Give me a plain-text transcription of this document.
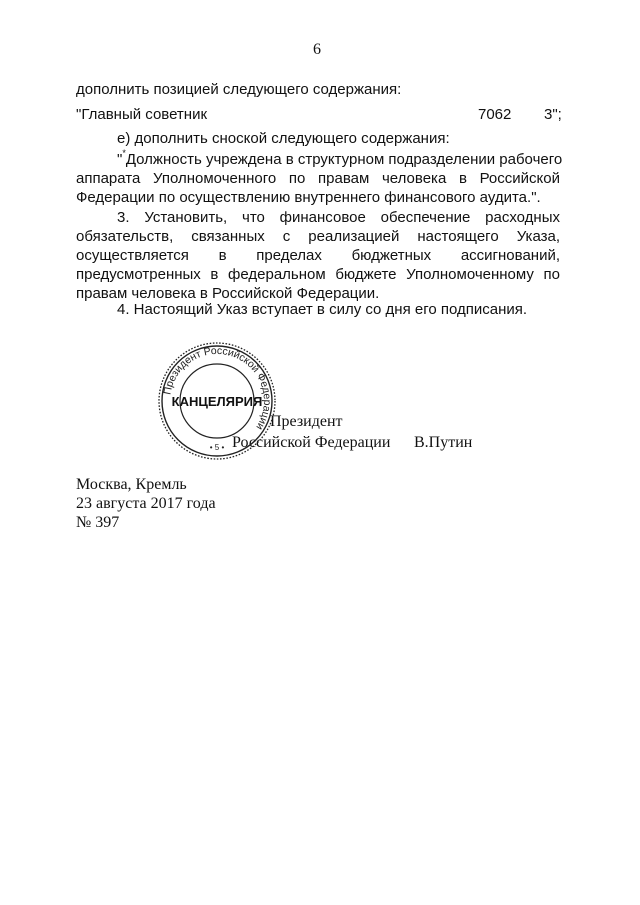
6
дополнить позицией следующего содержания:
"Главный советник	7062 3";
е) дополнить сноской следующего содержания:
"*Должность учреждена в структурном подразделении рабочего
аппарата Уполномоченного по правам человека в Российской
Федерации по осуществлению внутреннего финансового аудита.".
3. Установить, что финансовое обеспечение расходных
обязательств, связанных с реализацией настоящего Указа,
осуществляется в пределах бюджетных ассигнований,
предусмотренных в федеральном бюджете Уполномоченному по
правам человека в Российской Федерации.
4. Настоящий Указ вступает в силу со дня его подписания.
Президент
Российской Федерации В.Путин
Президент Российской Федерации
КАНЦЕЛЯРИЯ
• 5 •
Москва, Кремль
23 августа 2017 года
№ 397
